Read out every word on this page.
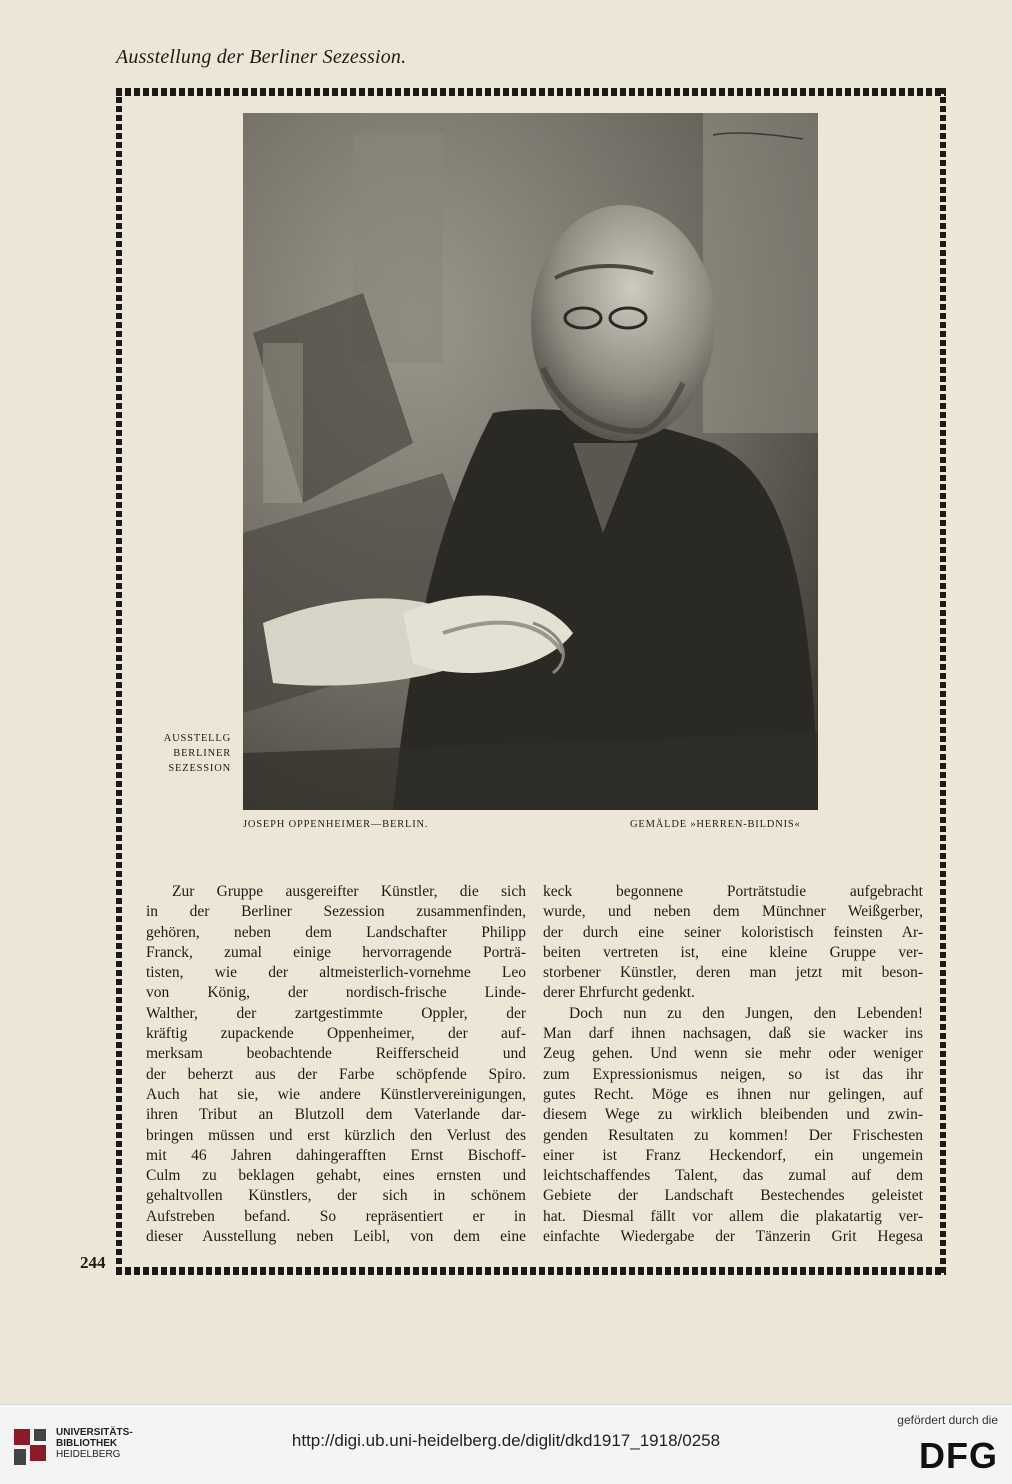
Ausstellung der Berliner Sezession.
AUSSTELLG
BERLINER
SEZESSION
JOSEPH OPPENHEIMER—BERLIN.	GEMÄLDE »HERREN-BILDNIS«
Zur Gruppe ausgereifter Künstler, die sich
in der Berliner Sezession zusammenfinden,
gehören, neben dem Landschafter Philipp
Franck, zumal einige hervorragende Porträ-
tisten, wie der altmeisterlich-vornehme Leo
von König, der nordisch-frische Linde-
Walther, der zartgestimmte Oppler, der
kräftig zupackende Oppenheimer, der auf-
merksam beobachtende Reifferscheid und
der beherzt aus der Farbe schöpfende Spiro.
Auch hat sie, wie andere Künstlervereinigungen,
ihren Tribut an Blutzoll dem Vaterlande dar-
bringen müssen und erst kürzlich den Verlust des
mit 46 Jahren dahingerafften Ernst Bischoff-
Culm zu beklagen gehabt, eines ernsten und
gehaltvollen Künstlers, der sich in schönem
Aufstreben befand. So repräsentiert er in
dieser Ausstellung neben Leibl, von dem eine
keck begonnene Porträtstudie aufgebracht
wurde, und neben dem Münchner Weißgerber,
der durch eine seiner koloristisch feinsten Ar-
beiten vertreten ist, eine kleine Gruppe ver-
storbener Künstler, deren man jetzt mit beson-
derer Ehrfurcht gedenkt.
Doch nun zu den Jungen, den Lebenden!
Man darf ihnen nachsagen, daß sie wacker ins
Zeug gehen. Und wenn sie mehr oder weniger
zum Expressionismus neigen, so ist das ihr
gutes Recht. Möge es ihnen nur gelingen, auf
diesem Wege zu wirklich bleibenden und zwin-
genden Resultaten zu kommen! Der Frischesten
einer ist Franz Heckendorf, ein ungemein
leichtschaffendes Talent, das zumal auf dem
Gebiete der Landschaft Bestechendes geleistet
hat. Diesmal fällt vor allem die plakatartig ver-
einfachte Wiedergabe der Tänzerin Grit Hegesa
244
UNIVERSITÄTS-
BIBLIOTHEK
HEIDELBERG
http://digi.ub.uni-heidelberg.de/diglit/dkd1917_1918/0258
gefördert durch die
DFG
